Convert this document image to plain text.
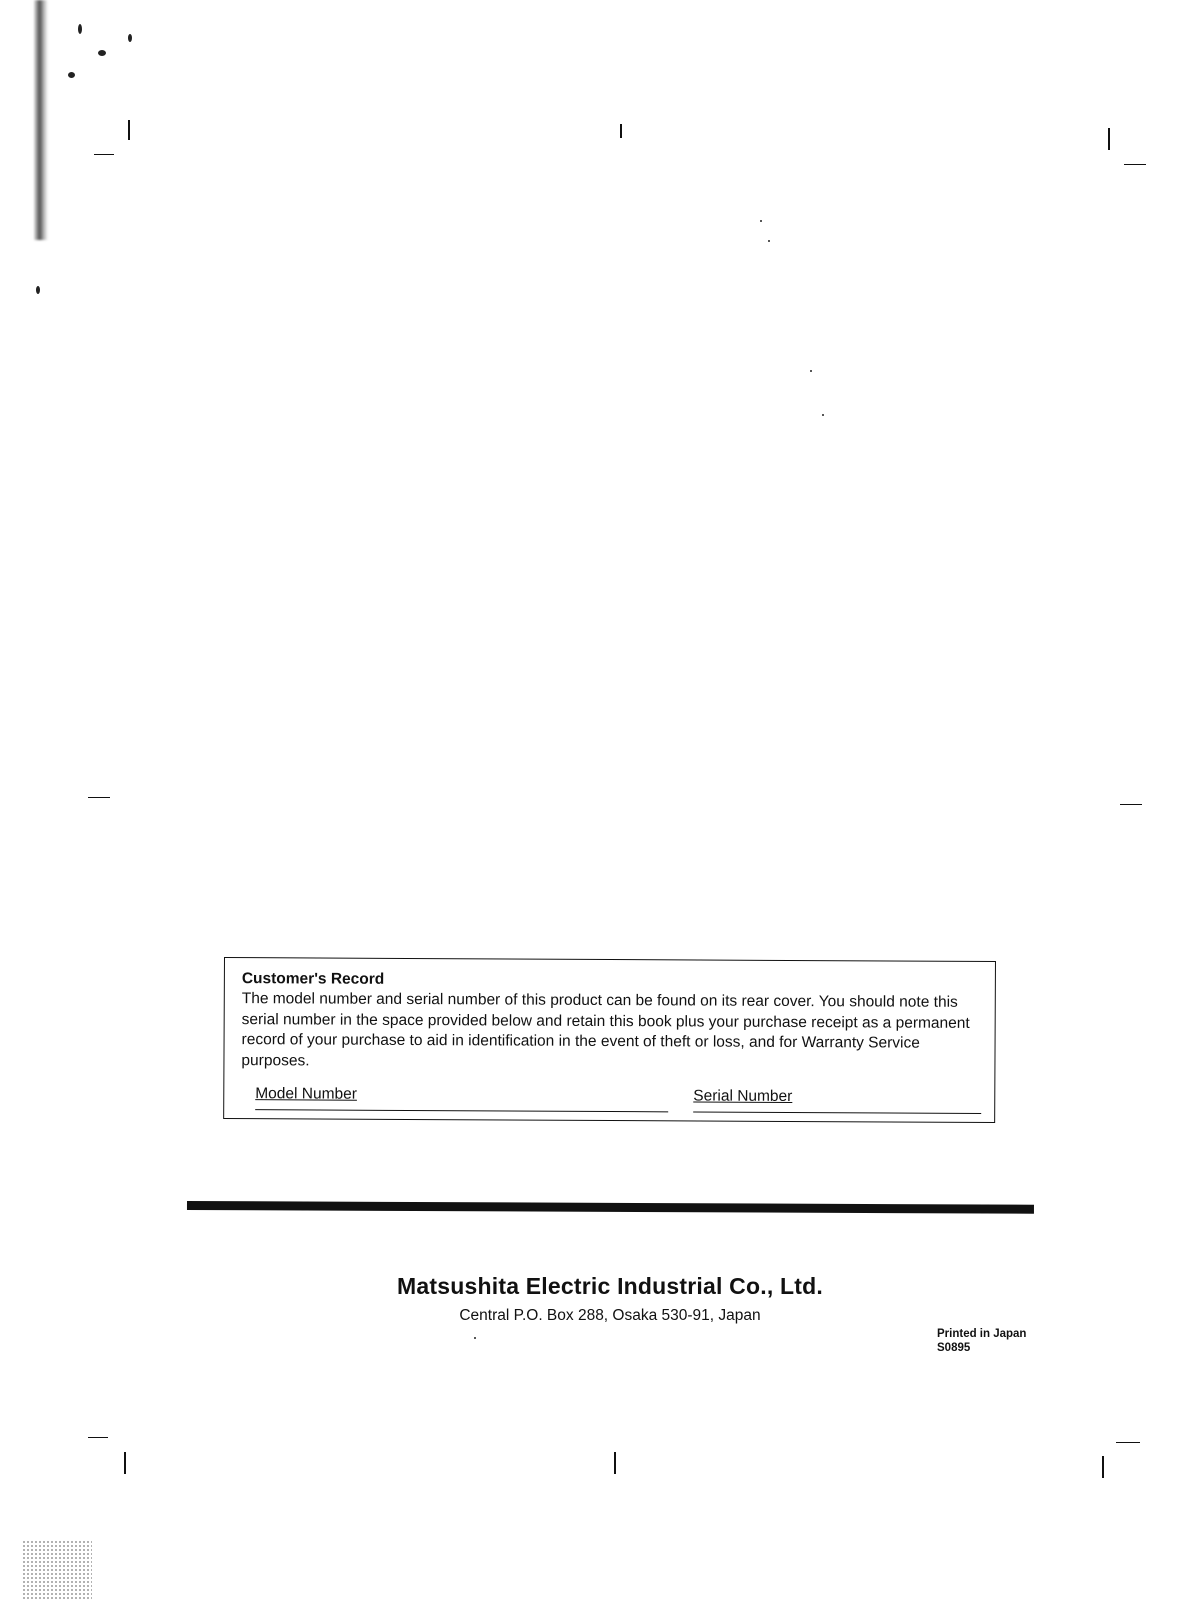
Customer's Record
The model number and serial number of this product can be found on its rear cover. You should note this serial number in the space provided below and retain this book plus your purchase receipt as a permanent record of your purchase to aid in identification in the event of theft or loss, and for Warranty Service purposes.
Model Number	Serial Number
Matsushita Electric Industrial Co., Ltd.
Central P.O. Box 288, Osaka 530-91, Japan
Printed in Japan
S0895
